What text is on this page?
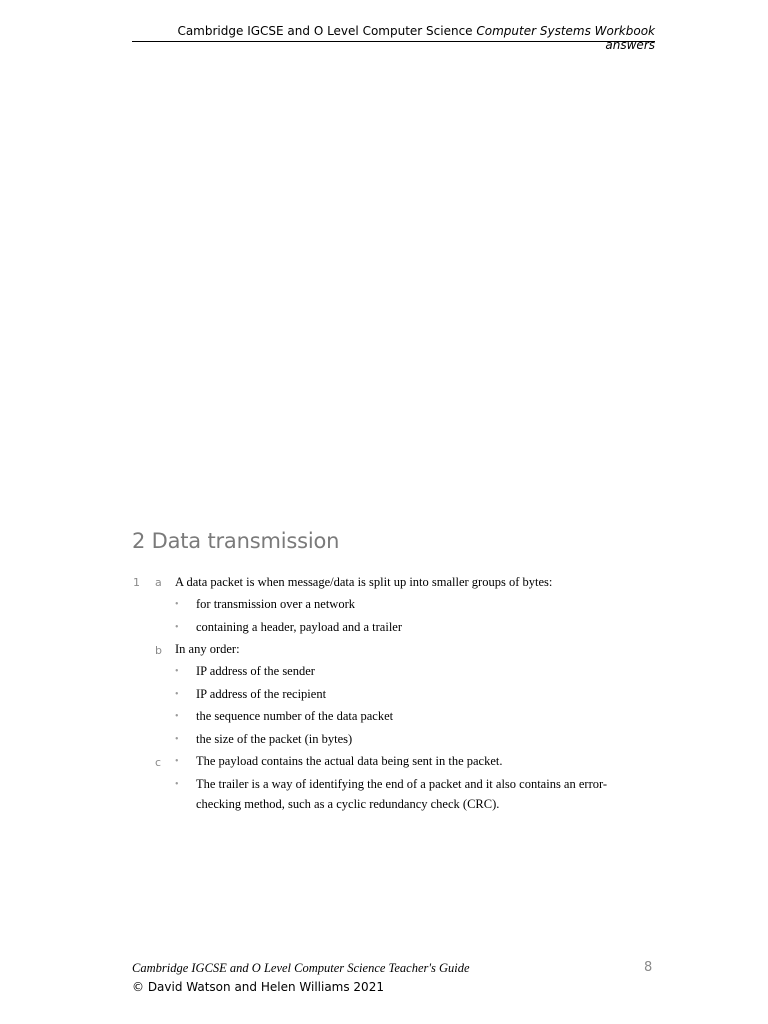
Cambridge IGCSE and O Level Computer Science Computer Systems Workbook answers
2 Data transmission
1 a A data packet is when message/data is split up into smaller groups of bytes:
• for transmission over a network
• containing a header, payload and a trailer
b In any order:
• IP address of the sender
• IP address of the recipient
• the sequence number of the data packet
• the size of the packet (in bytes)
c • The payload contains the actual data being sent in the packet.
• The trailer is a way of identifying the end of a packet and it also contains an error-
checking method, such as a cyclic redundancy check (CRC).
Cambridge IGCSE and O Level Computer Science Teacher's Guide	8
© David Watson and Helen Williams 2021
